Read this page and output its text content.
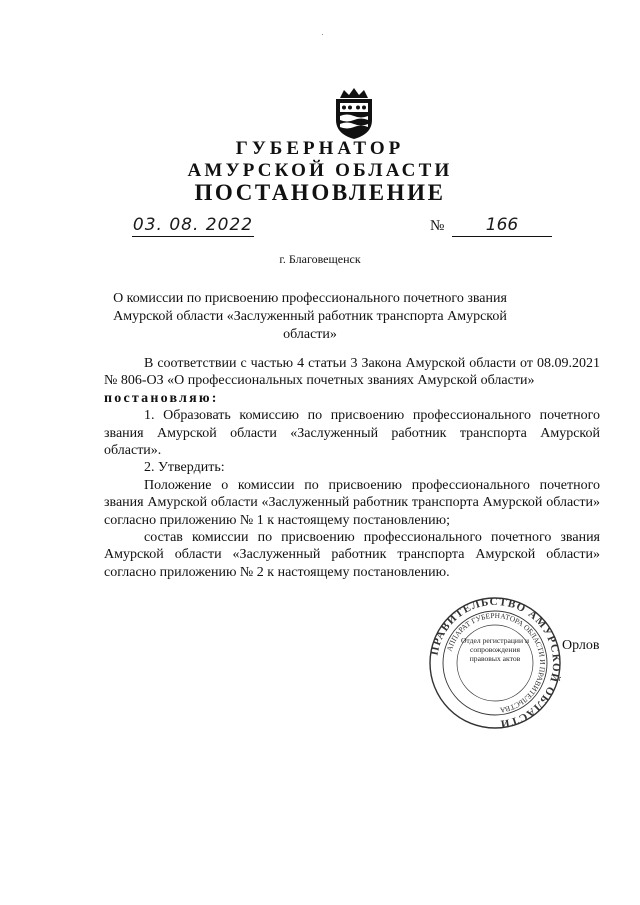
ГУБЕРНАТОР
АМУРСКОЙ ОБЛАСТИ
ПОСТАНОВЛЕНИЕ
03. 08. 2022	№	166
г. Благовещенск
О комиссии по присвоению профессионального почетного звания Амурской области «Заслуженный работник транспорта Амурской области»

В соответствии с частью 4 статьи 3 Закона Амурской области от 08.09.2021 № 806-ОЗ «О профессиональных почетных званиях Амурской области»

постановляю:

1. Образовать комиссию по присвоению профессионального почетного звания Амурской области «Заслуженный работник транспорта Амурской области».

2. Утвердить:

Положение о комиссии по присвоению профессионального почетного звания Амурской области «Заслуженный работник транспорта Амурской области» согласно приложению № 1 к настоящему постановлению;

состав комиссии по присвоению профессионального почетного звания Амурской области «Заслуженный работник транспорта Амурской области» согласно приложению № 2 к настоящему постановлению.

ПРАВИТЕЛЬСТВО АМУРСКОЙ ОБЛАСТИ
АППАРАТ ГУБЕРНАТОРА ОБЛАСТИ И ПРАВИТЕЛЬСТВА
Отдел регистрации и сопровождения правовых актов
Орлов
